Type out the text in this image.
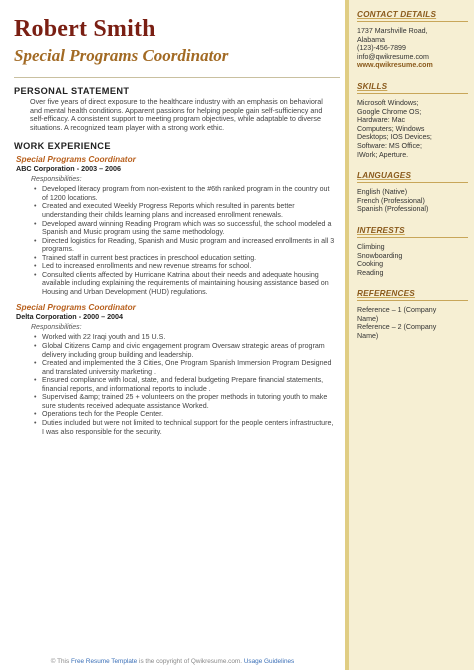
Robert Smith
Special Programs Coordinator
PERSONAL STATEMENT
Over five years of direct exposure to the healthcare industry with an emphasis on behavioral and mental health conditions. Apparent passions for helping people gain self-sufficiency and self-efficacy. A consistent support to meeting program objectives, while adaptable to diverse situations. A recognized team player with a strong work ethic.
WORK EXPERIENCE
Special Programs Coordinator
ABC Corporation - 2003 – 2006
Responsibilities:
• Developed literacy program from non-existent to the #6th ranked program in the country out of 1200 locations.
• Created and executed Weekly Progress Reports which resulted in parents better understanding their childs learning plans and increased enrollment renewals.
• Developed award winning Reading Program which was so successful, the school modeled a Spanish and Music program using the same methodology.
• Directed logistics for Reading, Spanish and Music program and increased enrollments in all 3 programs.
• Trained staff in current best practices in preschool education setting.
• Led to increased enrollments and new revenue streams for school.
• Consulted clients affected by Hurricane Katrina about their needs and adequate housing available including explaining the requirements of maintaining housing assistance based on Housing and Urban Development (HUD) regulations.
Special Programs Coordinator
Delta Corporation - 2000 – 2004
Responsibilities:
• Worked with 22 Iraqi youth and 15 U.S.
• Global Citizens Camp and civic engagement program Oversaw strategic areas of program delivery including group building and leadership.
• Created and implemented the 3 Cities, One Program Spanish Immersion Program Designed and translated university marketing .
• Ensured compliance with local, state, and federal budgeting Prepare financial statements, financial reports, and informational reports to include .
• Supervised &amp; trained 25 + volunteers on the proper methods in tutoring youth to make sure students received adequate assistance Worked.
• Operations tech for the People Center.
• Duties included but were not limited to technical support for the people centers infrastructure, I was also responsible for the security.
CONTACT DETAILS
1737 Marshville Road,
Alabama
(123)-456-7899
info@qwikresume.com
www.qwikresume.com
SKILLS
Microsoft Windows;
Google Chrome OS;
Hardware: Mac
Computers; Windows
Desktops; IOS Devices;
Software: MS Office;
IWork; Aperture.
LANGUAGES
English (Native)
French (Professional)
Spanish (Professional)
INTERESTS
Climbing
Snowboarding
Cooking
Reading
REFERENCES
Reference – 1 (Company
Name)
Reference – 2 (Company
Name)
© This Free Resume Template is the copyright of Qwikresume.com. Usage Guidelines
